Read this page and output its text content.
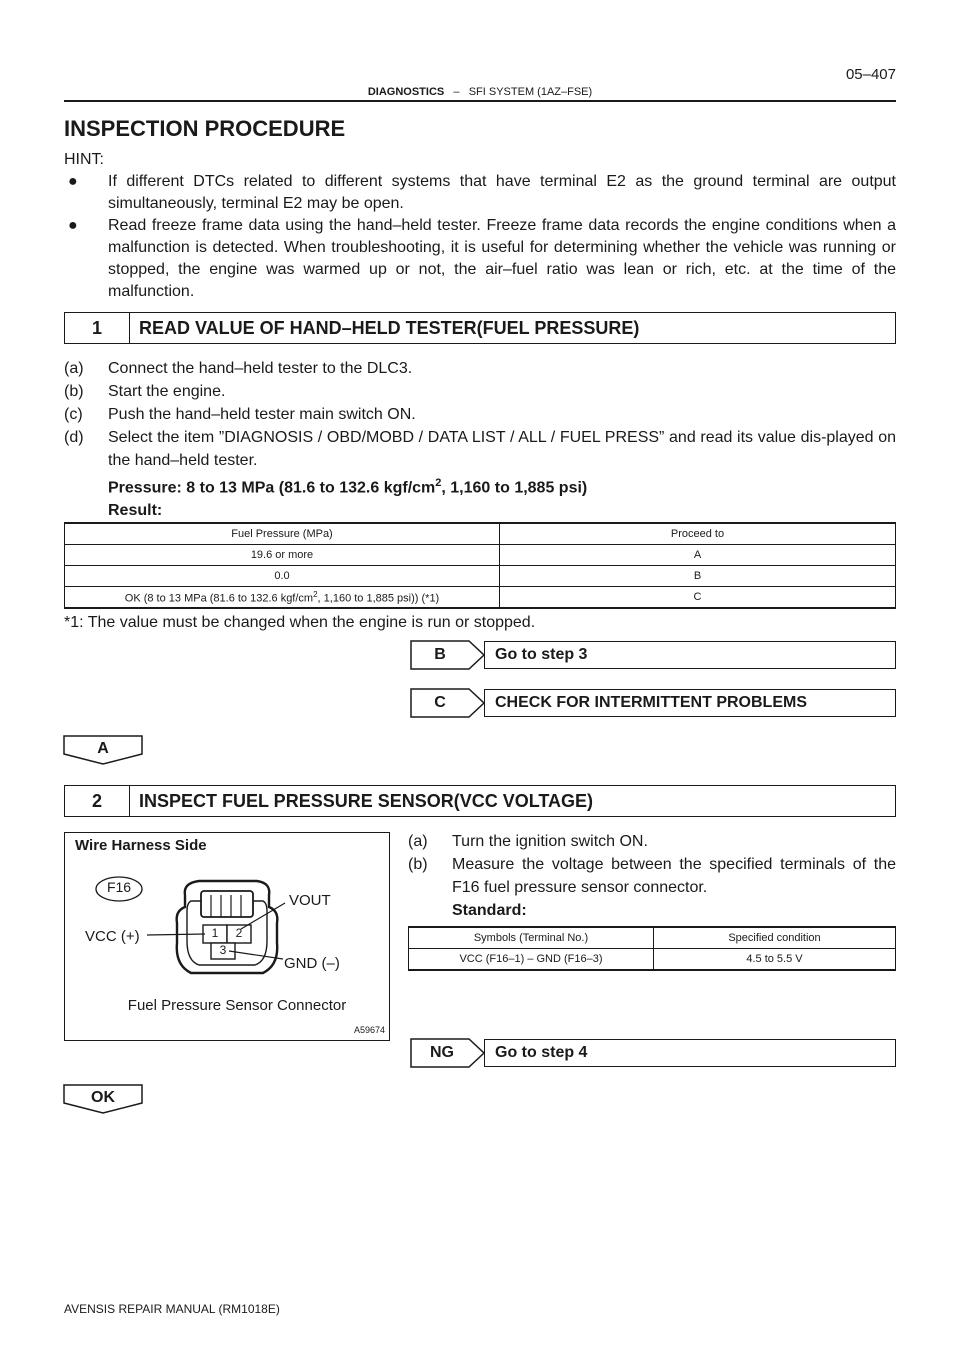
05–407
DIAGNOSTICS – SFI SYSTEM (1AZ–FSE)
INSPECTION PROCEDURE
HINT:
● If different DTCs related to different systems that have terminal E2 as the ground terminal are output simultaneously, terminal E2 may be open.
● Read freeze frame data using the hand–held tester. Freeze frame data records the engine conditions when a malfunction is detected. When troubleshooting, it is useful for determining whether the vehicle was running or stopped, the engine was warmed up or not, the air–fuel ratio was lean or rich, etc. at the time of the malfunction.
1	READ VALUE OF HAND–HELD TESTER(FUEL PRESSURE)
(a) Connect the hand–held tester to the DLC3.
(b) Start the engine.
(c) Push the hand–held tester main switch ON.
(d) Select the item ”DIAGNOSIS / OBD/MOBD / DATA LIST / ALL / FUEL PRESS” and read its value dis-played on the hand–held tester.
Pressure: 8 to 13 MPa (81.6 to 132.6 kgf/$cm^2$, 1,160 to 1,885 psi)
Result:
Fuel Pressure (MPa)	Proceed to
19.6 or more	A
0.0	B
OK (8 to 13 MPa (81.6 to 132.6 kgf/$cm^2$, 1,160 to 1,885 psi)) (*1)	C
*1: The value must be changed when the engine is run or stopped.
B	Go to step 3
C	CHECK FOR INTERMITTENT PROBLEMS
A
2	INSPECT FUEL PRESSURE SENSOR(VCC VOLTAGE)
Wire Harness Side
F16
VOUT
VCC (+)
GND (–)
1	2
3
Fuel Pressure Sensor Connector
A59674
(a) Turn the ignition switch ON.
(b) Measure the voltage between the specified terminals of the F16 fuel pressure sensor connector.
Standard:
Symbols (Terminal No.)	Specified condition
VCC (F16–1) – GND (F16–3)	4.5 to 5.5 V
NG	Go to step 4
OK
AVENSIS REPAIR MANUAL (RM1018E)
